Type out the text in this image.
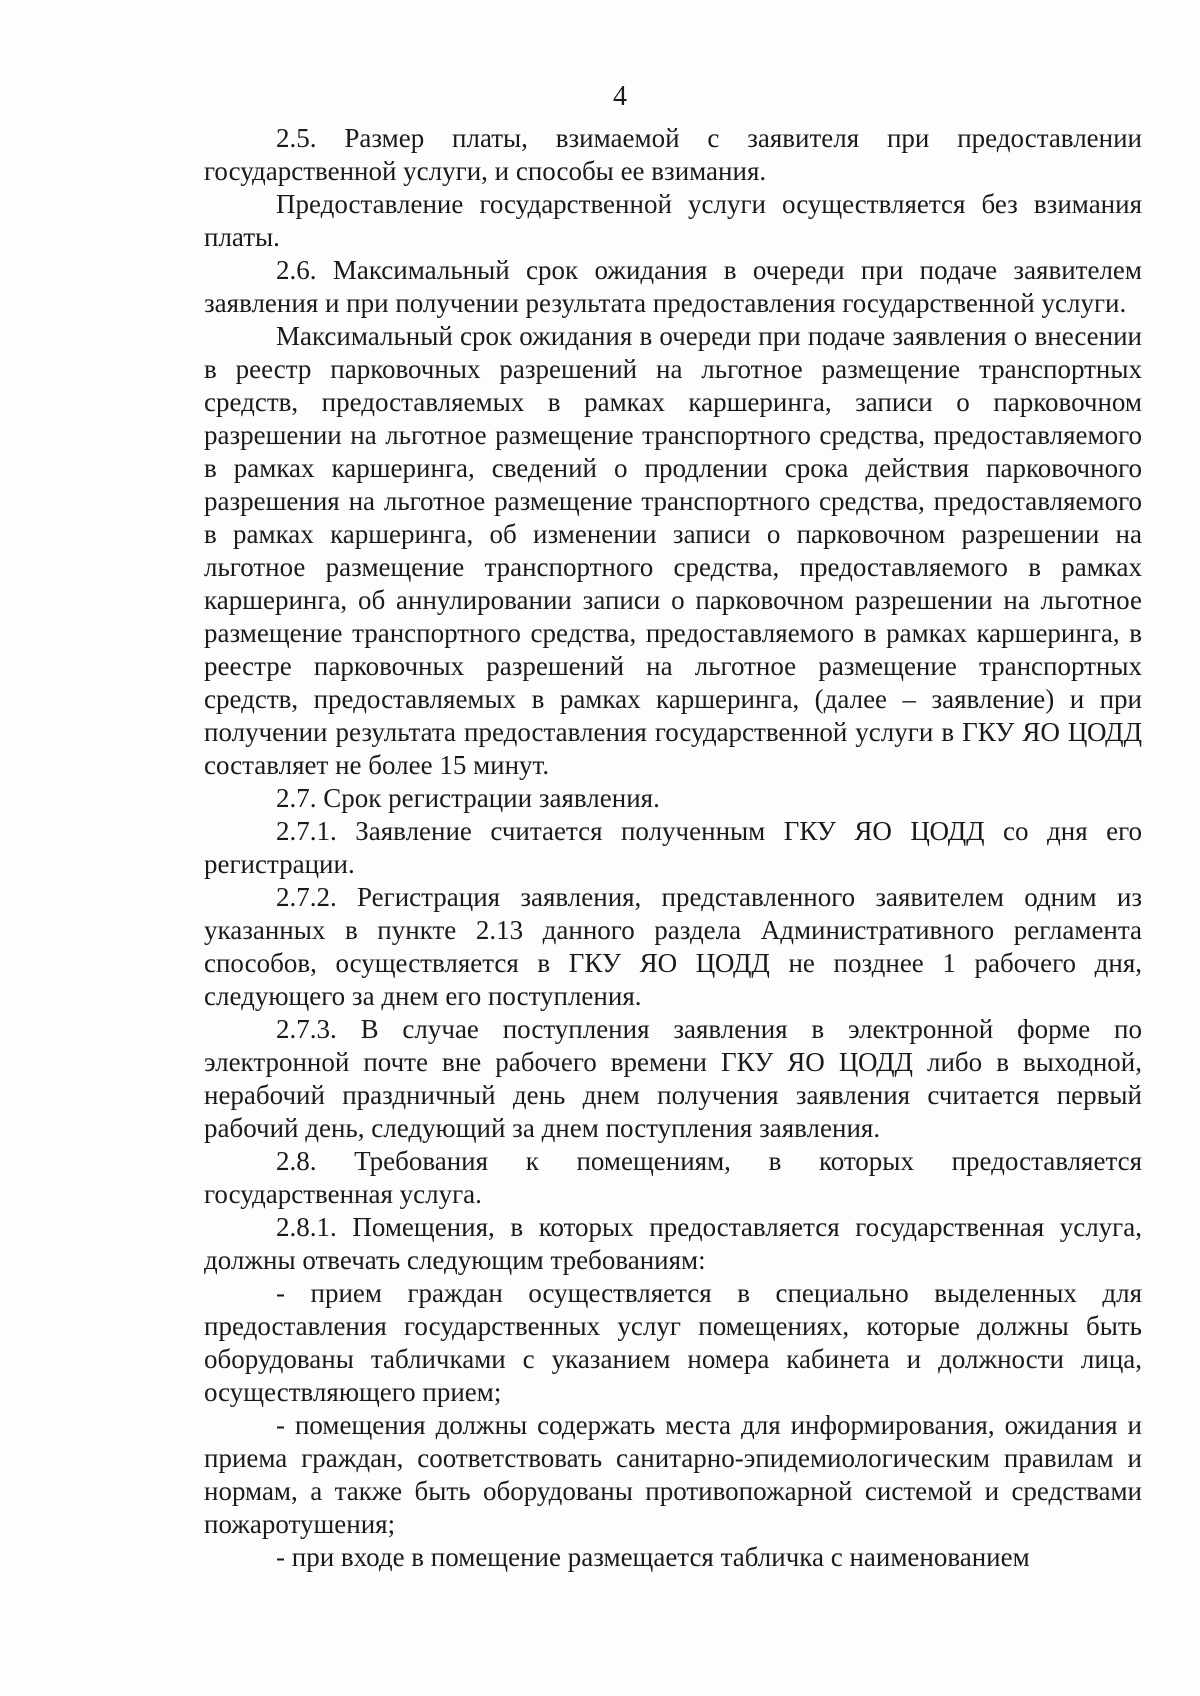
4

2.5. Размер платы, взимаемой с заявителя при предоставлении государственной услуги, и способы ее взимания.

Предоставление государственной услуги осуществляется без взимания платы.

2.6. Максимальный срок ожидания в очереди при подаче заявителем заявления и при получении результата предоставления государственной услуги.

Максимальный срок ожидания в очереди при подаче заявления о внесении в реестр парковочных разрешений на льготное размещение транспортных средств, предоставляемых в рамках каршеринга, записи о парковочном разрешении на льготное размещение транспортного средства, предоставляемого в рамках каршеринга, сведений о продлении срока действия парковочного разрешения на льготное размещение транспортного средства, предоставляемого в рамках каршеринга, об изменении записи о парковочном разрешении на льготное размещение транспортного средства, предоставляемого в рамках каршеринга, об аннулировании записи о парковочном разрешении на льготное размещение транспортного средства, предоставляемого в рамках каршеринга, в реестре парковочных разрешений на льготное размещение транспортных средств, предоставляемых в рамках каршеринга, (далее – заявление) и при получении результата предоставления государственной услуги в ГКУ ЯО ЦОДД составляет не более 15 минут.

2.7. Срок регистрации заявления.

2.7.1. Заявление считается полученным ГКУ ЯО ЦОДД со дня его регистрации.

2.7.2. Регистрация заявления, представленного заявителем одним из указанных в пункте 2.13 данного раздела Административного регламента способов, осуществляется в ГКУ ЯО ЦОДД не позднее 1 рабочего дня, следующего за днем его поступления.

2.7.3. В случае поступления заявления в электронной форме по электронной почте вне рабочего времени ГКУ ЯО ЦОДД либо в выходной, нерабочий праздничный день днем получения заявления считается первый рабочий день, следующий за днем поступления заявления.

2.8. Требования к помещениям, в которых предоставляется государственная услуга.

2.8.1. Помещения, в которых предоставляется государственная услуга, должны отвечать следующим требованиям:

- прием граждан осуществляется в специально выделенных для предоставления государственных услуг помещениях, которые должны быть оборудованы табличками с указанием номера кабинета и должности лица, осуществляющего прием;

- помещения должны содержать места для информирования, ожидания и приема граждан, соответствовать санитарно-эпидемиологическим правилам и нормам, а также быть оборудованы противопожарной системой и средствами пожаротушения;

- при входе в помещение размещается табличка с наименованием
